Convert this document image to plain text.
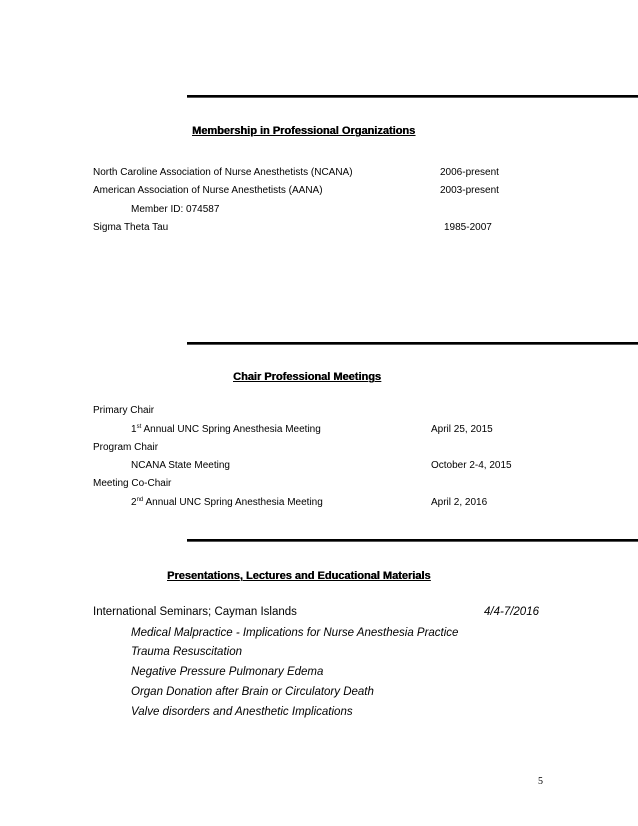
Membership in Professional Organizations
North Caroline Association of Nurse Anesthetists (NCANA)	2006-present
American Association of Nurse Anesthetists (AANA)	2003-present
Member ID: 074587
Sigma Theta Tau	1985-2007
Chair Professional Meetings
Primary Chair
1st Annual UNC Spring Anesthesia Meeting	April 25, 2015
Program Chair
NCANA State Meeting	October 2-4, 2015
Meeting Co-Chair
2nd Annual UNC Spring Anesthesia Meeting	April 2, 2016
Presentations, Lectures and Educational Materials
International Seminars; Cayman Islands	4/4-7/2016
Medical Malpractice - Implications for Nurse Anesthesia Practice
Trauma Resuscitation
Negative Pressure Pulmonary Edema
Organ Donation after Brain or Circulatory Death
Valve disorders and Anesthetic Implications
5
